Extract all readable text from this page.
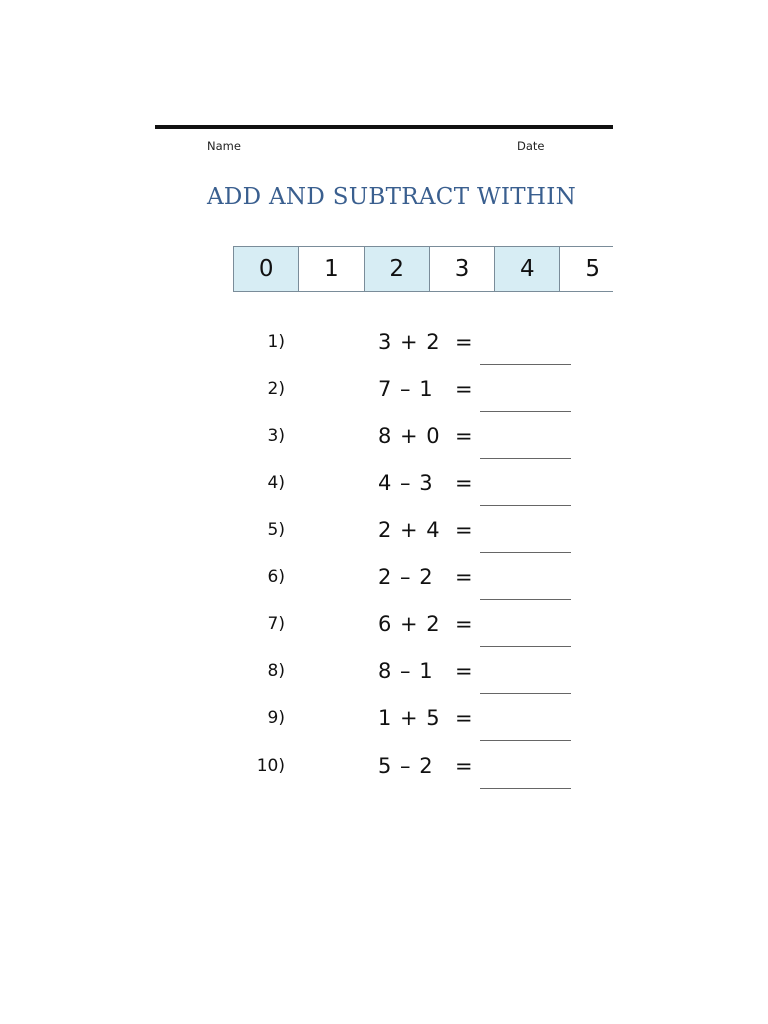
Name	Date
ADD AND SUBTRACT WITHIN
0	1	2	3	4	5
1)	3 + 2 =
2)	7 – 1 =
3)	8 + 0 =
4)	4 – 3 =
5)	2 + 4 =
6)	2 – 2 =
7)	6 + 2 =
8)	8 – 1 =
9)	1 + 5 =
10)	5 – 2 =
